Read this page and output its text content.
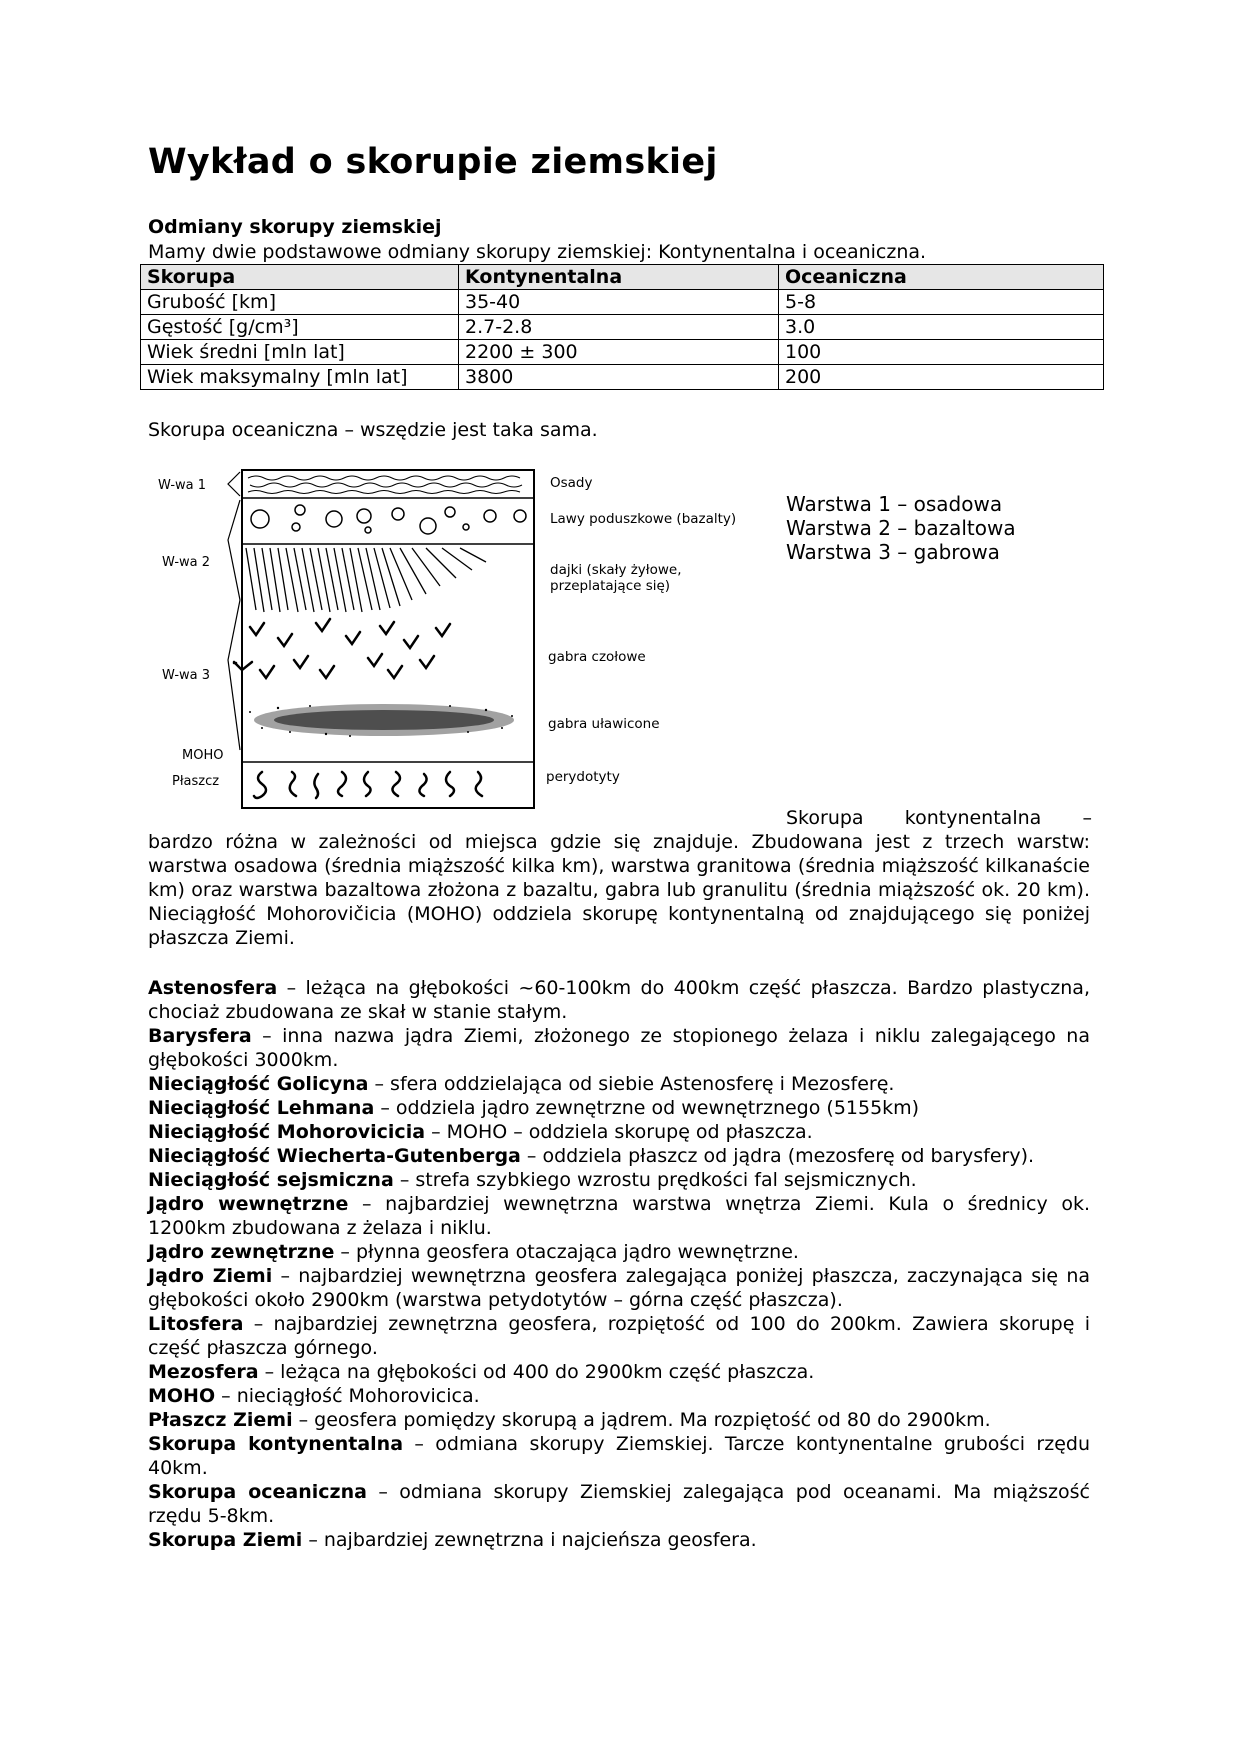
Wykład o skorupie ziemskiej

Odmiany skorupy ziemskiej

Mamy dwie podstawowe odmiany skorupy ziemskiej: Kontynentalna i oceaniczna.

Skorupa	Kontynentalna	Oceaniczna
Grubość [km]	35-40	5-8
Gęstość [g/cm³]	2.7-2.8	3.0
Wiek średni [mln lat]	2200 ± 300	100
Wiek maksymalny [mln lat]	3800	200

Skorupa oceaniczna – wszędzie jest taka sama.

W-wa 1
W-wa 2
W-wa 3
MOHO
Płaszcz
Osady
Lawy poduszkowe (bazalty)
dajki (skały żyłowe,
przeplatające się)
gabra czołowe
gabra uławicone
perydotyty
Warstwa 1 – osadowa
Warstwa 2 – bazaltowa
Warstwa 3 – gabrowa
Skorupa kontynentalna –

bardzo różna w zależności od miejsca gdzie się znajduje. Zbudowana jest z trzech warstw: warstwa osadowa (średnia miąższość kilka km), warstwa granitowa (średnia miąższość kilkanaście km) oraz warstwa bazaltowa złożona z bazaltu, gabra lub granulitu (średnia miąższość ok. 20 km). Nieciągłość Mohorovičicia (MOHO) oddziela skorupę kontynentalną od znajdującego się poniżej płaszcza Ziemi.

Astenosfera – leżąca na głębokości ~60-100km do 400km część płaszcza. Bardzo plastyczna, chociaż zbudowana ze skał w stanie stałym.

Barysfera – inna nazwa jądra Ziemi, złożonego ze stopionego żelaza i niklu zalegającego na głębokości 3000km.

Nieciągłość Golicyna – sfera oddzielająca od siebie Astenosferę i Mezosferę.

Nieciągłość Lehmana – oddziela jądro zewnętrzne od wewnętrznego (5155km)

Nieciągłość Mohorovicicia – MOHO – oddziela skorupę od płaszcza.

Nieciągłość Wiecherta-Gutenberga – oddziela płaszcz od jądra (mezosferę od barysfery).

Nieciągłość sejsmiczna – strefa szybkiego wzrostu prędkości fal sejsmicznych.

Jądro wewnętrzne – najbardziej wewnętrzna warstwa wnętrza Ziemi. Kula o średnicy ok. 1200km zbudowana z żelaza i niklu.

Jądro zewnętrzne – płynna geosfera otaczająca jądro wewnętrzne.

Jądro Ziemi – najbardziej wewnętrzna geosfera zalegająca poniżej płaszcza, zaczynająca się na głębokości około 2900km (warstwa petydotytów – górna część płaszcza).

Litosfera – najbardziej zewnętrzna geosfera, rozpiętość od 100 do 200km. Zawiera skorupę i część płaszcza górnego.

Mezosfera – leżąca na głębokości od 400 do 2900km część płaszcza.

MOHO – nieciągłość Mohorovicica.

Płaszcz Ziemi – geosfera pomiędzy skorupą a jądrem. Ma rozpiętość od 80 do 2900km.

Skorupa kontynentalna – odmiana skorupy Ziemskiej. Tarcze kontynentalne grubości rzędu 40km.

Skorupa oceaniczna – odmiana skorupy Ziemskiej zalegająca pod oceanami. Ma miąższość rzędu 5-8km.

Skorupa Ziemi – najbardziej zewnętrzna i najcieńsza geosfera.
